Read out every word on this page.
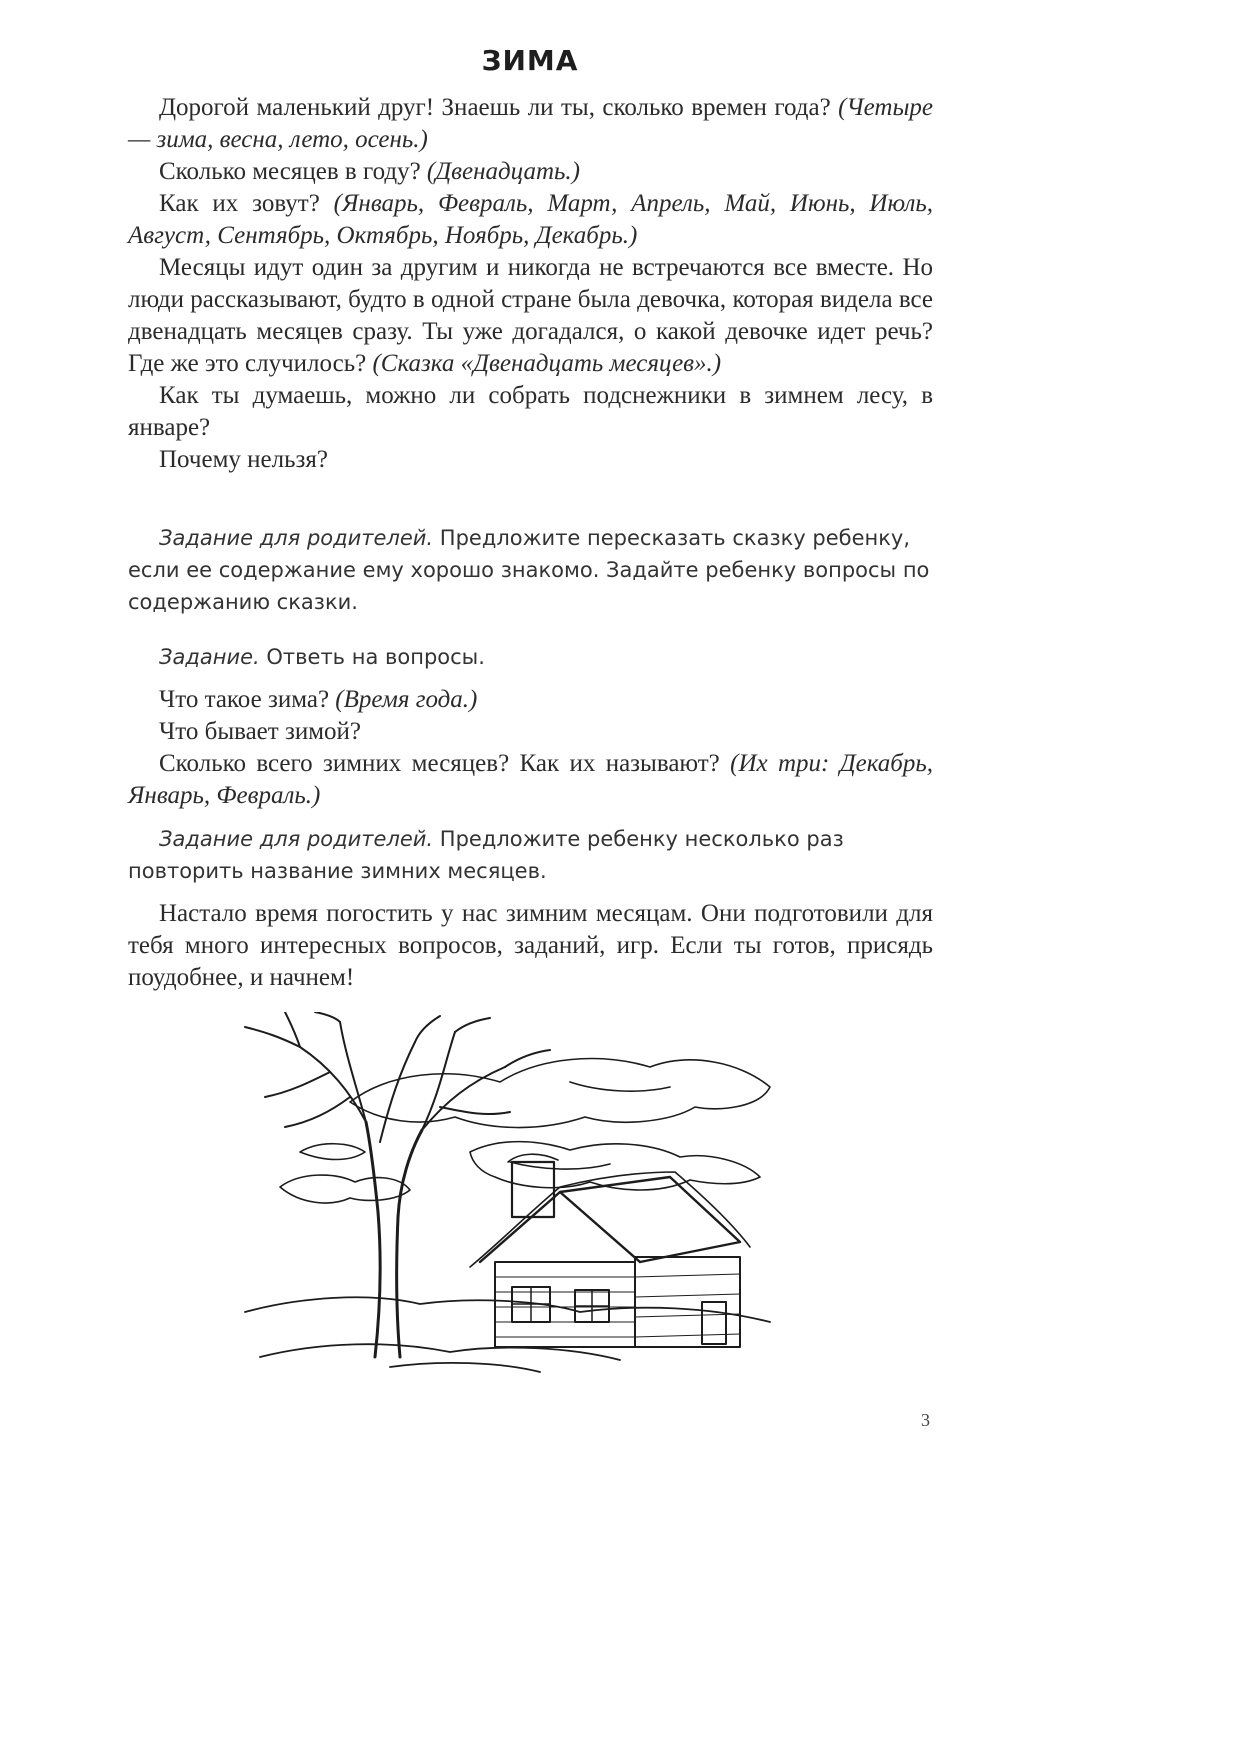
ЗИМА

Дорогой маленький друг! Знаешь ли ты, сколько времен года? (Четыре — зима, весна, лето, осень.)

Сколько месяцев в году? (Двенадцать.)

Как их зовут? (Январь, Февраль, Март, Апрель, Май, Июнь, Июль, Август, Сентябрь, Октябрь, Ноябрь, Декабрь.)

Месяцы идут один за другим и никогда не встречаются все вместе. Но люди рассказывают, будто в одной стране была девочка, которая видела все двенадцать месяцев сразу. Ты уже догадался, о какой девочке идет речь? Где же это случилось? (Сказка «Двенадцать месяцев».)

Как ты думаешь, можно ли собрать подснежники в зимнем лесу, в январе?

Почему нельзя?

Задание для родителей. Предложите пересказать сказку ребенку, если ее содержание ему хорошо знакомо. Задайте ребенку вопросы по содержанию сказки.
Задание. Ответь на вопросы.

Что такое зима? (Время года.)

Что бывает зимой?

Сколько всего зимних месяцев? Как их называют? (Их три: Декабрь, Январь, Февраль.)

Задание для родителей. Предложите ребенку несколько раз повторить название зимних месяцев.

Настало время погостить у нас зимним месяцам. Они подготовили для тебя много интересных вопросов, заданий, игр. Если ты готов, присядь поудобнее, и начнем!

3
